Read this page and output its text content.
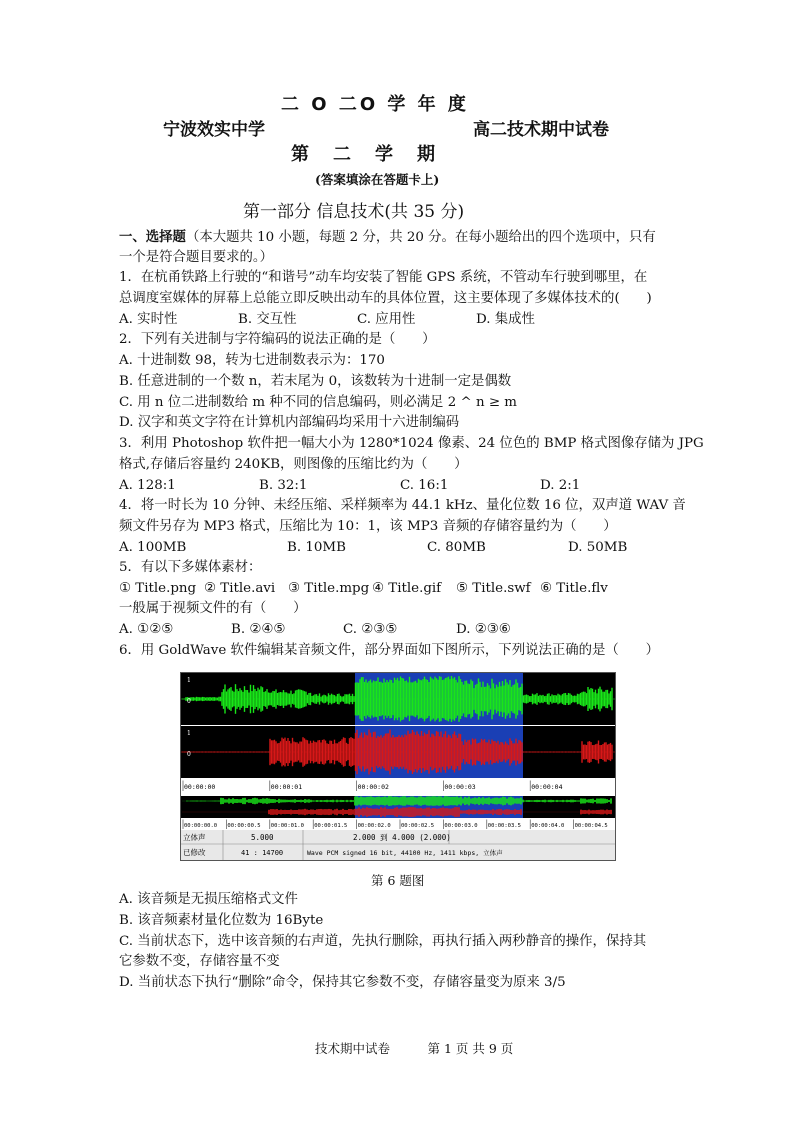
二 O 二O 学 年 度
宁波效实中学	高二技术期中试卷
第　二　学　期
(答案填涂在答题卡上)
第一部分 信息技术(共 35 分)
一、选择题（本大题共 10 小题，每题 2 分，共 20 分。在每小题给出的四个选项中，只有
一个是符合题目要求的。）
1．在杭甬铁路上行驶的“和谐号”动车均安装了智能 GPS 系统，不管动车行驶到哪里，在
总调度室媒体的屏幕上总能立即反映出动车的具体位置，这主要体现了多媒体技术的(　　)
A. 实时性	B. 交互性	C. 应用性	D. 集成性
2．下列有关进制与字符编码的说法正确的是（　　）
A. 十进制数 98，转为七进制数表示为：170
B. 任意进制的一个数 n，若末尾为 0，该数转为十进制一定是偶数
C. 用 n 位二进制数给 m 种不同的信息编码，则必满足 2 ^ n ≥ m
D. 汉字和英文字符在计算机内部编码均采用十六进制编码
3．利用 Photoshop 软件把一幅大小为 1280*1024 像素、24 位色的 BMP 格式图像存储为 JPG
格式,存储后容量约 240KB，则图像的压缩比约为（　　）
A. 128:1	B. 32:1	C. 16:1	D. 2:1
4．将一时长为 10 分钟、未经压缩、采样频率为 44.1 kHz、量化位数 16 位，双声道 WAV 音
频文件另存为 MP3 格式，压缩比为 10：1，该 MP3 音频的存储容量约为（　　）
A. 100MB	B. 10MB	C. 80MB	D. 50MB
5．有以下多媒体素材：
① Title.png ② Title.avi ③ Title.mpg ④ Title.gif ⑤ Title.swf ⑥ Title.flv
一般属于视频文件的有（　　）
A. ①②⑤	B. ②④⑤	C. ②③⑤	D. ②③⑥
6．用 GoldWave 软件编辑某音频文件，部分界面如下图所示，下列说法正确的是（　　）
1
0
1
0
00:00:00	00:00:01	00:00:02	00:00:03	00:00:04
00:00:00.0 00:00:00.5 00:00:01.0 00:00:01.5 00:00:02.0 00:00:02.5 00:00:03.0 00:00:03.5 00:00:04.0 00:00:04.5
立体声	5.000	2.000 到 4.000 (2.000)
已修改	41 : 14700	Wave PCM signed 16 bit, 44100 Hz, 1411 kbps, 立体声
第 6 题图
A. 该音频是无损压缩格式文件
B. 该音频素材量化位数为 16Byte
C. 当前状态下，选中该音频的右声道，先执行删除，再执行插入两秒静音的操作，保持其
它参数不变，存储容量不变
D. 当前状态下执行“删除”命令，保持其它参数不变，存储容量变为原来 3/5
技术期中试卷　　　第 1 页 共 9 页
